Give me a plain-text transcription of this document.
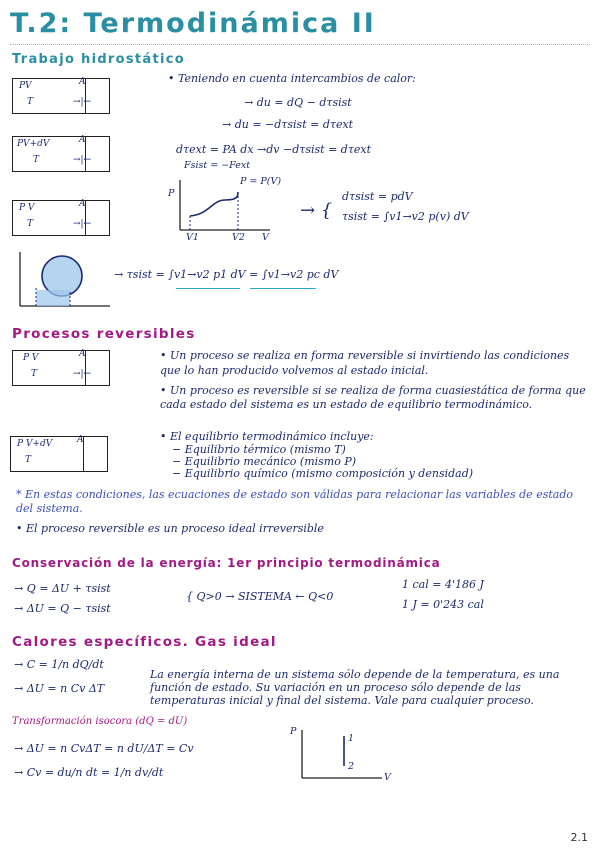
T.2: Termodinámica II
Trabajo hidrostático
PV
T
A
→|←
PV+dV
T
A
→|←
P V
T
A
→|←
• Teniendo en cuenta intercambios de calor:
→ du = dQ − dτsist
→ du = −dτsist = dτext
dτext = PA dx →dv −dτsist = dτext
Fsist = −Fext
P = P(V)
P
V
V1	V2
→ {
dτsist = pdV
τsist = ∫v1→v2 p(v) dV
→ τsist = ∫v1→v2 p1 dV = ∫v1→v2 pc dV
Procesos reversibles
P V
T
A
→|←
P V+dV
T
A
• Un proceso se realiza en forma reversible si invirtiendo las condiciones que lo han producido volvemos al estado inicial.
• Un proceso es reversible si se realiza de forma cuasiestática de forma que cada estado del sistema es un estado de equilibrio termodinámico.
• El equilibrio termodinámico incluye:
− Equilibrio térmico (mismo T)
− Equilibrio mecánico (mismo P)
− Equilibrio químico (mismo composición y densidad)
* En estas condiciones, las ecuaciones de estado son válidas para relacionar las variables de estado del sistema.
• El proceso reversible es un proceso ideal irreversible
Conservación de la energía: 1er principio termodinámica
→ Q = ΔU + τsist
→ ΔU = Q − τsist
{ Q>0 → SISTEMA ← Q<0
1 cal = 4'186 J
1 J = 0'243 cal
Calores específicos. Gas ideal
→ C = 1/n dQ/dt
→ ΔU = n Cv ΔT
La energía interna de un sistema sólo depende de la temperatura, es una función de estado. Su variación en un proceso sólo depende de las temperaturas inicial y final del sistema. Vale para cualquier proceso.
Transformación isocora (dQ = dU)
→ ΔU = n CvΔT = n dU/ΔT = Cv
→ Cv = du/n dt = 1/n dv/dt
P
V
1
2
2.1
